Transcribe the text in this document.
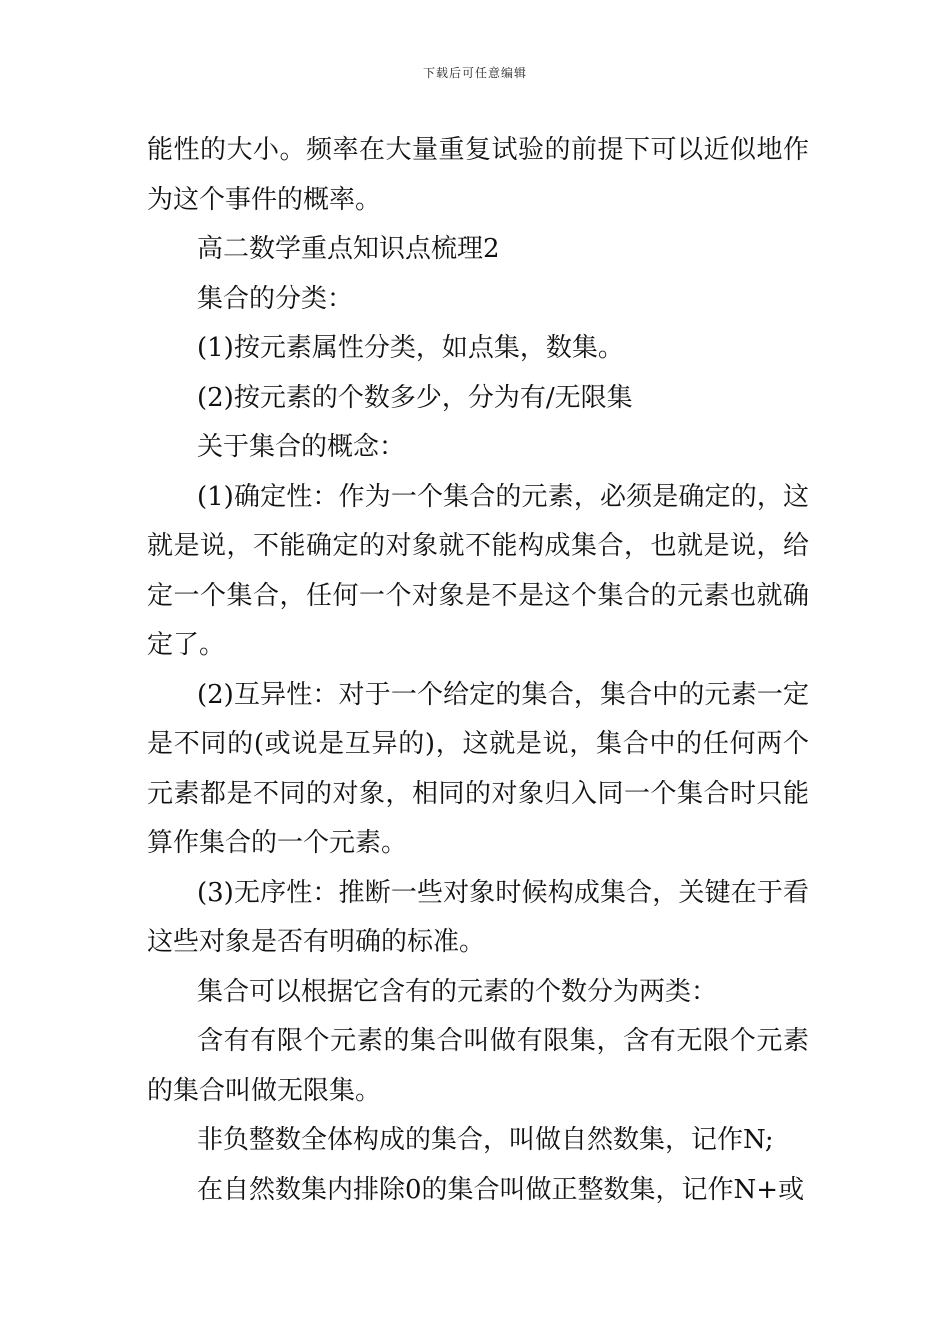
下载后可任意编辑

能性的大小。频率在大量重复试验的前提下可以近似地作为这个事件的概率。

高二数学重点知识点梳理2

集合的分类：

(1)按元素属性分类，如点集，数集。

(2)按元素的个数多少，分为有/无限集

关于集合的概念：

(1)确定性：作为一个集合的元素，必须是确定的，这就是说，不能确定的对象就不能构成集合，也就是说，给定一个集合，任何一个对象是不是这个集合的元素也就确定了。

(2)互异性：对于一个给定的集合，集合中的元素一定是不同的(或说是互异的)，这就是说，集合中的任何两个元素都是不同的对象，相同的对象归入同一个集合时只能算作集合的一个元素。

(3)无序性：推断一些对象时候构成集合，关键在于看这些对象是否有明确的标准。

集合可以根据它含有的元素的个数分为两类：

含有有限个元素的集合叫做有限集，含有无限个元素的集合叫做无限集。

非负整数全体构成的集合，叫做自然数集，记作N;

在自然数集内排除0的集合叫做正整数集，记作N+或
